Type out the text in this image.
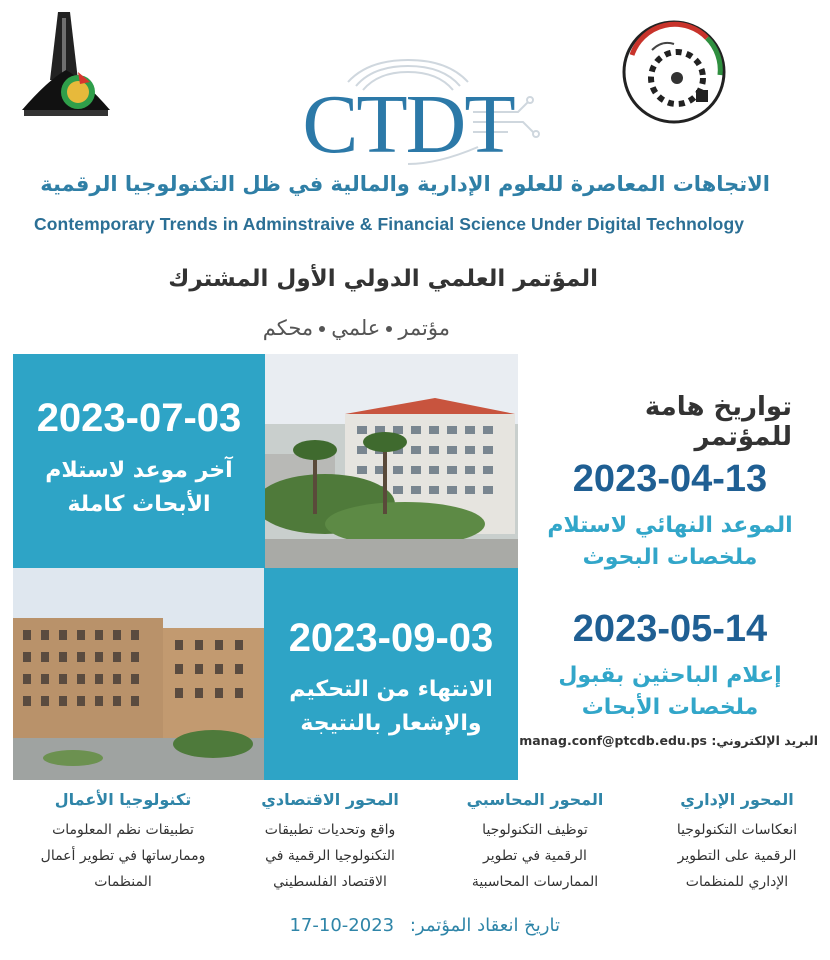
CTDT
الاتجاهات المعاصرة للعلوم الإدارية والمالية في ظل التكنولوجيا الرقمية
Contemporary Trends in Adminstraive & Financial Science Under Digital Technology
المؤتمر العلمي الدولي الأول المشترك
مؤتمرعلميمحكم
2023-07-03
آخر موعد لاستلام
الأبحاث كاملة
2023-09-03
الانتهاء من التحكيم
والإشعار بالنتيجة
تواريخ هامة للمؤتمر
2023-04-13
الموعد النهائي لاستلام
ملخصات البحوث
2023-05-14
إعلام الباحثين بقبول
ملخصات الأبحاث
البريد الإلكتروني: manag.conf@ptcdb.edu.ps
المحور الإداري
انعكاسات التكنولوجيا
الرقمية على التطوير
الإداري للمنظمات
المحور المحاسبي
توظيف التكنولوجيا
الرقمية في تطوير
الممارسات المحاسبية
المحور الاقتصادي
واقع وتحديات تطبيقات
التكنولوجيا الرقمية في
الاقتصاد الفلسطيني
تكنولوجيا الأعمال
تطبيقات نظم المعلومات
وممارساتها في تطوير أعمال
المنظمات
تاريخ انعقاد المؤتمر: 17-10-2023
